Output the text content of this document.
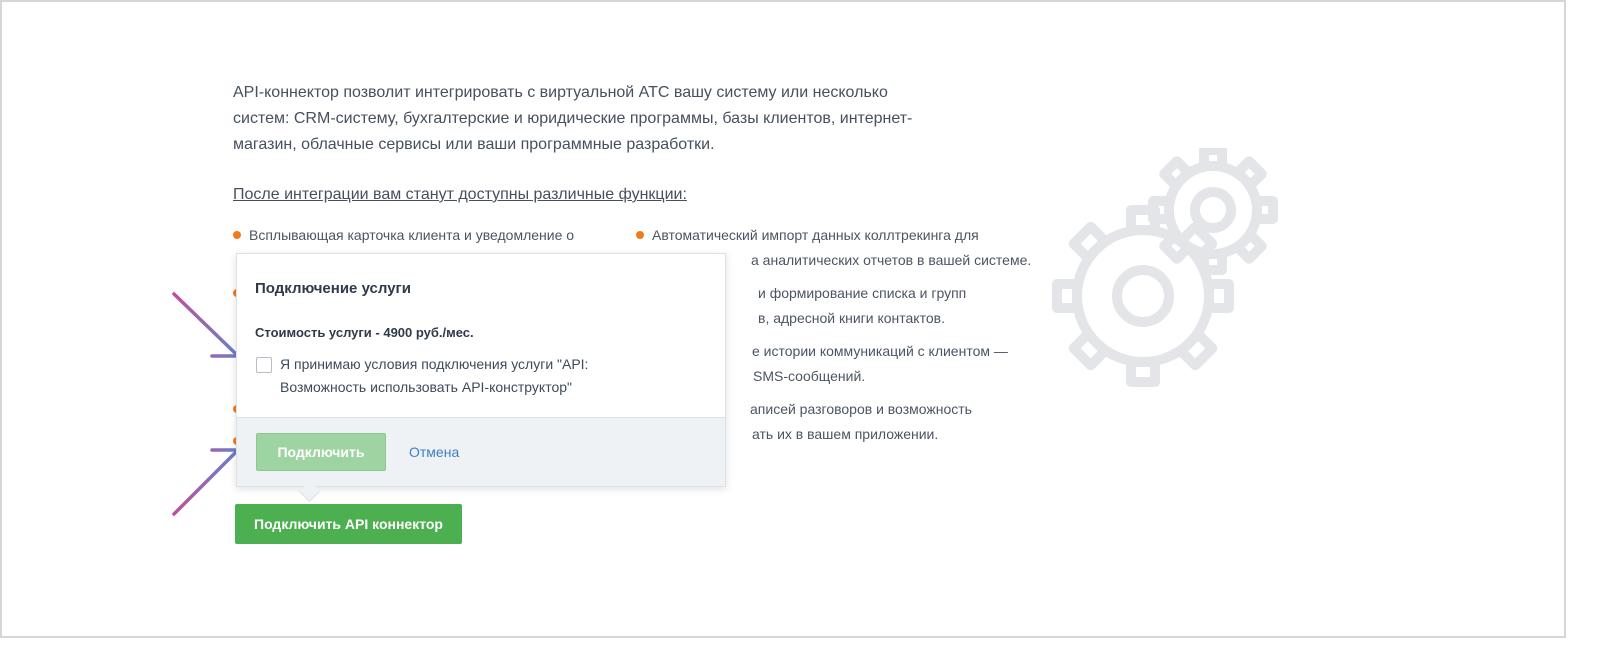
API-коннектор позволит интегрировать с виртуальной АТС вашу систему или несколько систем: CRM-систему, бухгалтерские и юридические программы, базы клиентов, интернет-магазин, облачные сервисы или ваши программные разработки.

После интеграции вам станут доступны различные функции:
Всплывающая карточка клиента и уведомление о	Автоматический импорт данных коллтрекинга для
а аналитических отчетов в вашей системе.
и формирование списка и групп
в, адресной книги контактов.
е истории коммуникаций с клиентом —
SMS-сообщений.
аписей разговоров и возможность
ать их в вашем приложении.
Подключение услуги
Стоимость услуги - 4900 руб./мес.
Я принимаю условия подключения услуги "API: Возможность использовать API-конструктор"
Подключить	Отмена
Подключить API коннектор
